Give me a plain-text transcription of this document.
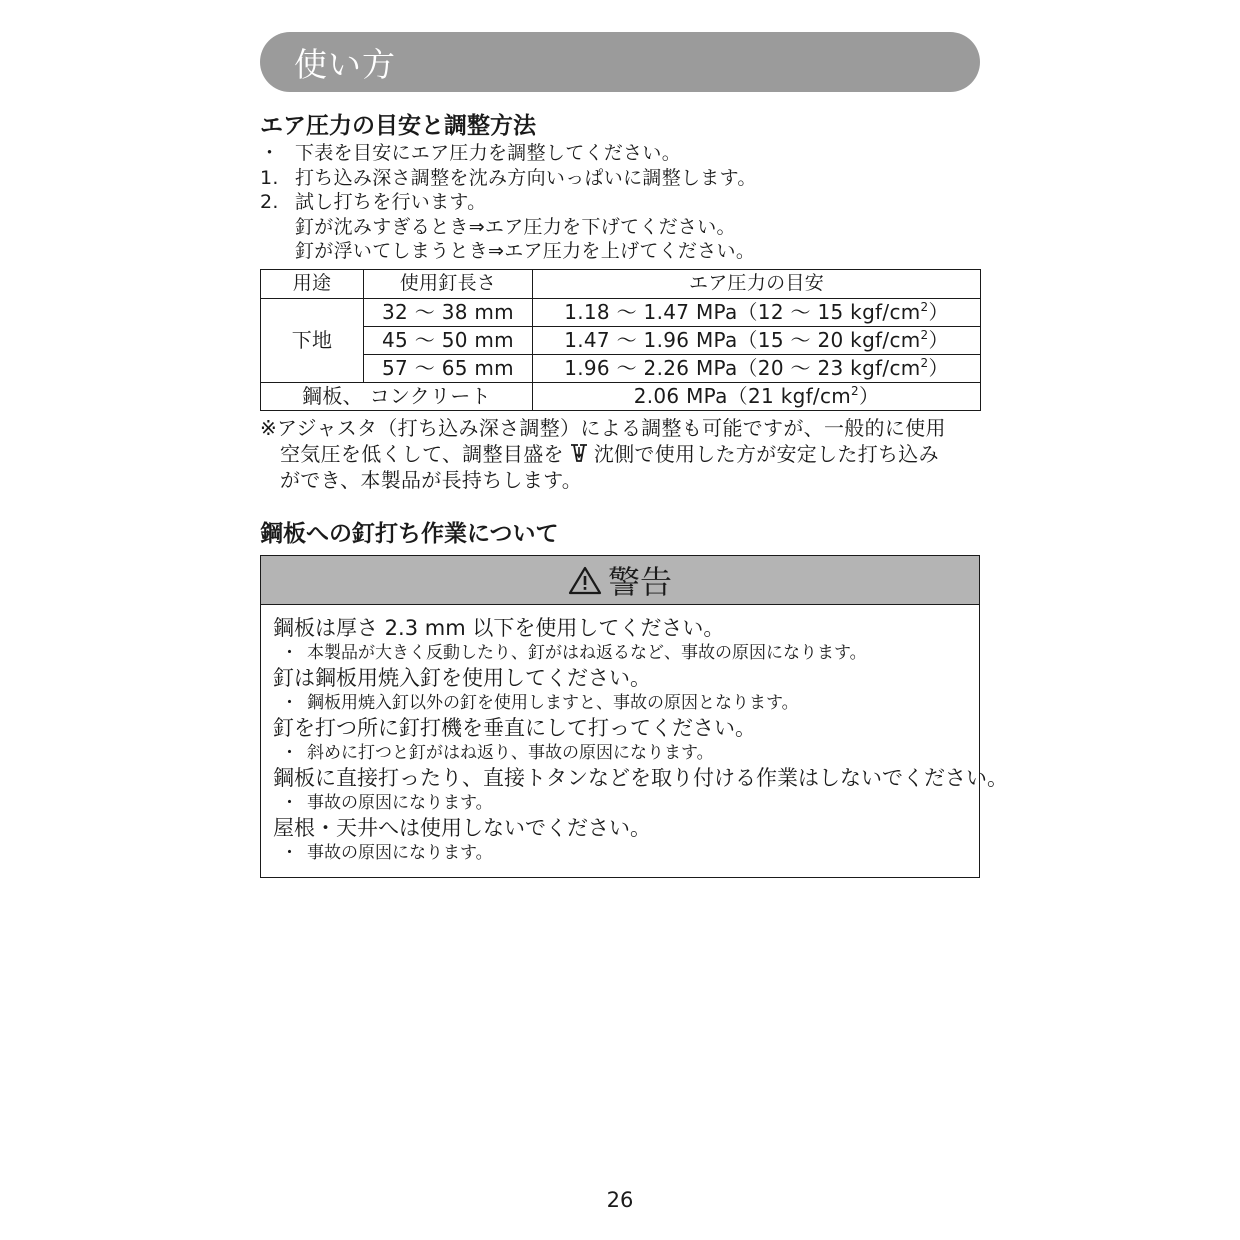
使い方
エア圧力の目安と調整方法
・ 下表を目安にエア圧力を調整してください。
1. 打ち込み深さ調整を沈み方向いっぱいに調整します。
2. 試し打ちを行います。
釘が沈みすぎるとき⇒エア圧力を下げてください。
釘が浮いてしまうとき⇒エア圧力を上げてください。
用途	使用釘長さ	エア圧力の目安
下地	32 ～ 38 mm	1.18 ～ 1.47 MPa（12 ～ 15 kgf/$cm^2$）
	45 ～ 50 mm	1.47 ～ 1.96 MPa（15 ～ 20 kgf/$cm^2$）
	57 ～ 65 mm	1.96 ～ 2.26 MPa（20 ～ 23 kgf/$cm^2$）
鋼板、 コンクリート		2.06 MPa（21 kgf/$cm^2$）
※アジャスタ（打ち込み深さ調整）による調整も可能ですが、一般的に使用
空気圧を低くして、調整目盛を 沈側で使用した方が安定した打ち込み
ができ、本製品が長持ちします。
鋼板への釘打ち作業について
警告
鋼板は厚さ 2.3 mm 以下を使用してください。
・ 本製品が大きく反動したり、釘がはね返るなど、事故の原因になります。
釘は鋼板用焼入釘を使用してください。
・ 鋼板用焼入釘以外の釘を使用しますと、事故の原因となります。
釘を打つ所に釘打機を垂直にして打ってください。
・ 斜めに打つと釘がはね返り、事故の原因になります。
鋼板に直接打ったり、直接トタンなどを取り付ける作業はしないでください。
・ 事故の原因になります。
屋根・天井へは使用しないでください。
・ 事故の原因になります。
26
